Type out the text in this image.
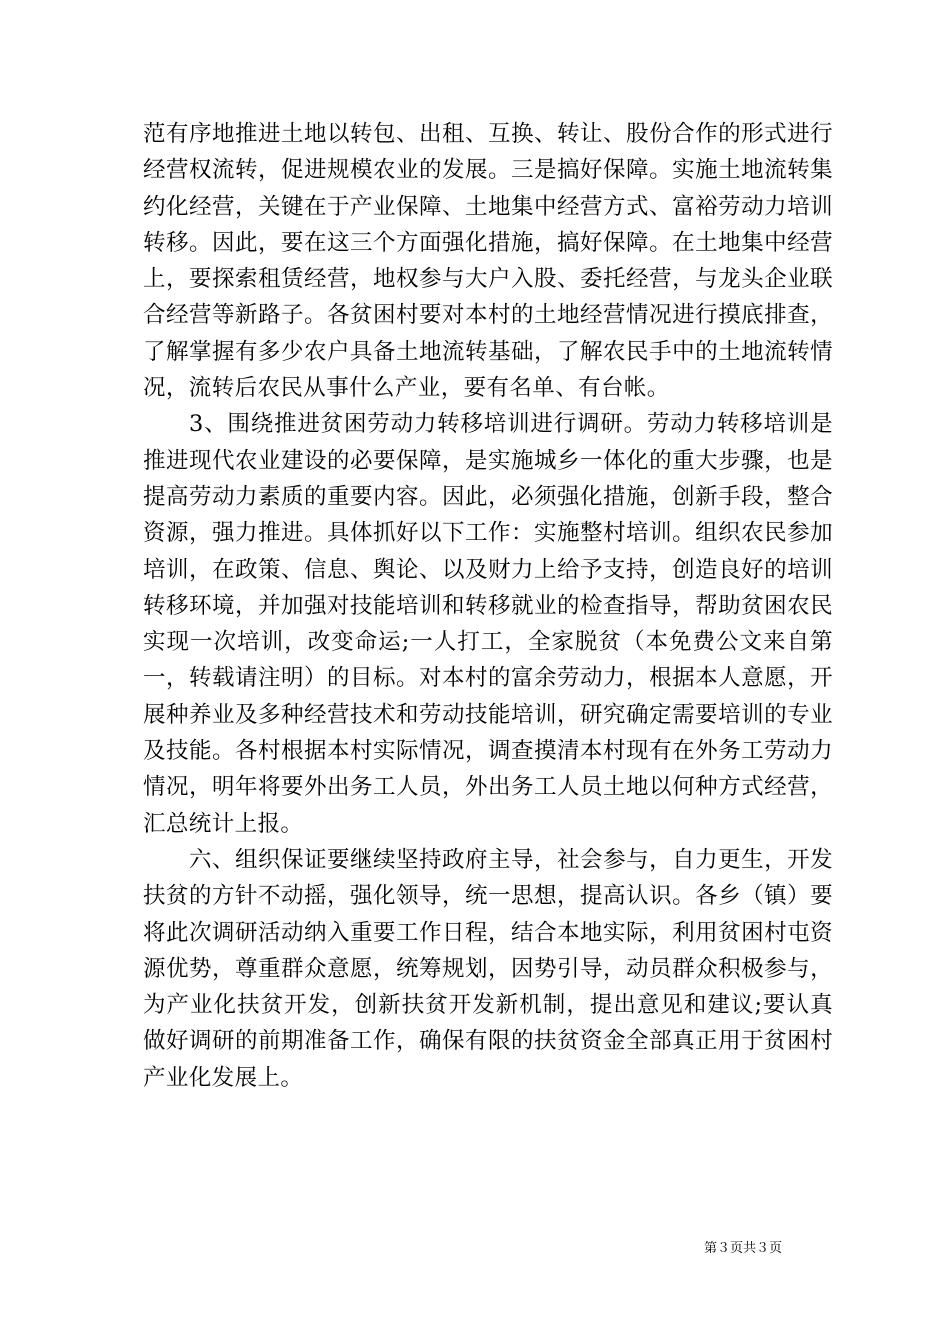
范有序地推进土地以转包、出租、互换、转让、股份合作的形式进行经营权流转，促进规模农业的发展。三是搞好保障。实施土地流转集约化经营，关键在于产业保障、土地集中经营方式、富裕劳动力培训转移。因此，要在这三个方面强化措施，搞好保障。在土地集中经营上，要探索租赁经营，地权参与大户入股、委托经营，与龙头企业联合经营等新路子。各贫困村要对本村的土地经营情况进行摸底排查，了解掌握有多少农户具备土地流转基础，了解农民手中的土地流转情况，流转后农民从事什么产业，要有名单、有台帐。

3、围绕推进贫困劳动力转移培训进行调研。劳动力转移培训是推进现代农业建设的必要保障，是实施城乡一体化的重大步骤，也是提高劳动力素质的重要内容。因此，必须强化措施，创新手段，整合资源，强力推进。具体抓好以下工作：实施整村培训。组织农民参加培训，在政策、信息、舆论、以及财力上给予支持，创造良好的培训转移环境，并加强对技能培训和转移就业的检查指导，帮助贫困农民实现一次培训，改变命运;一人打工，全家脱贫（本免费公文来自第一，转载请注明）的目标。对本村的富余劳动力，根据本人意愿，开展种养业及多种经营技术和劳动技能培训，研究确定需要培训的专业及技能。各村根据本村实际情况，调查摸清本村现有在外务工劳动力情况，明年将要外出务工人员，外出务工人员土地以何种方式经营，汇总统计上报。

六、组织保证要继续坚持政府主导，社会参与，自力更生，开发扶贫的方针不动摇，强化领导，统一思想，提高认识。各乡（镇）要将此次调研活动纳入重要工作日程，结合本地实际，利用贫困村屯资源优势，尊重群众意愿，统筹规划，因势引导，动员群众积极参与，为产业化扶贫开发，创新扶贫开发新机制，提出意见和建议;要认真做好调研的前期准备工作，确保有限的扶贫资金全部真正用于贫困村产业化发展上。

第３页共３页
